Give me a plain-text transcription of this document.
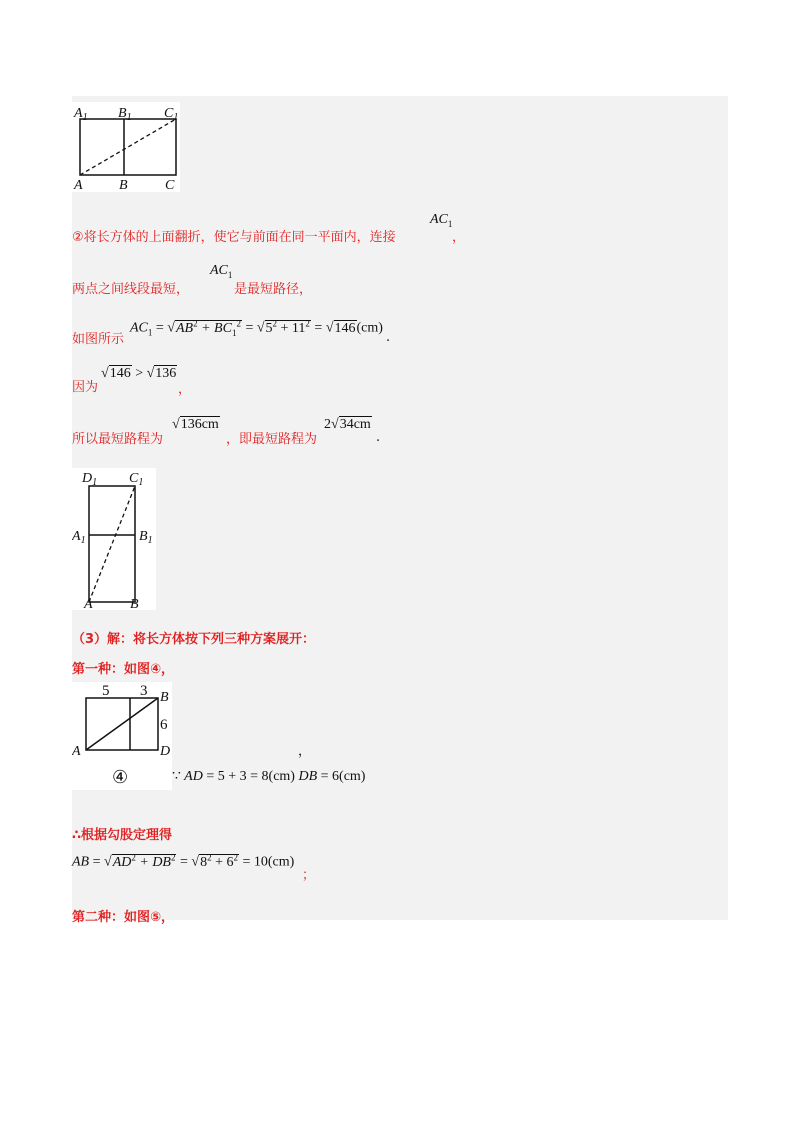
$A_1$ $B_1$ $C_1$
A	B	C
②将长方体的上面翻折，使它与前面在同一平面内，连接
$AC_1$
，
两点之间线段最短，
$AC_1$
是最短路径，
如图所示
$AC_1 = √AB^2 + BC_1^2 = √5^2 + 11^2 = √146(cm)$
.
因为
√146 > √136
，
所以最短路程为
√136cm
，即最短路程为
2√34cm
.
$D_1$ $C_1$
$A_1$	$B_1$
A	B
（3）解：将长方体按下列三种方案展开：
第一种：如图④，
5 3
6
A
B
D
④
，
∵ AD = 5 + 3 = 8(cm) DB = 6(cm)
∴根据勾股定理得
AB = $√AD^2 + DB^2 = √8^2 + 6^2 = 10(cm)$
；
第二种：如图⑤，
